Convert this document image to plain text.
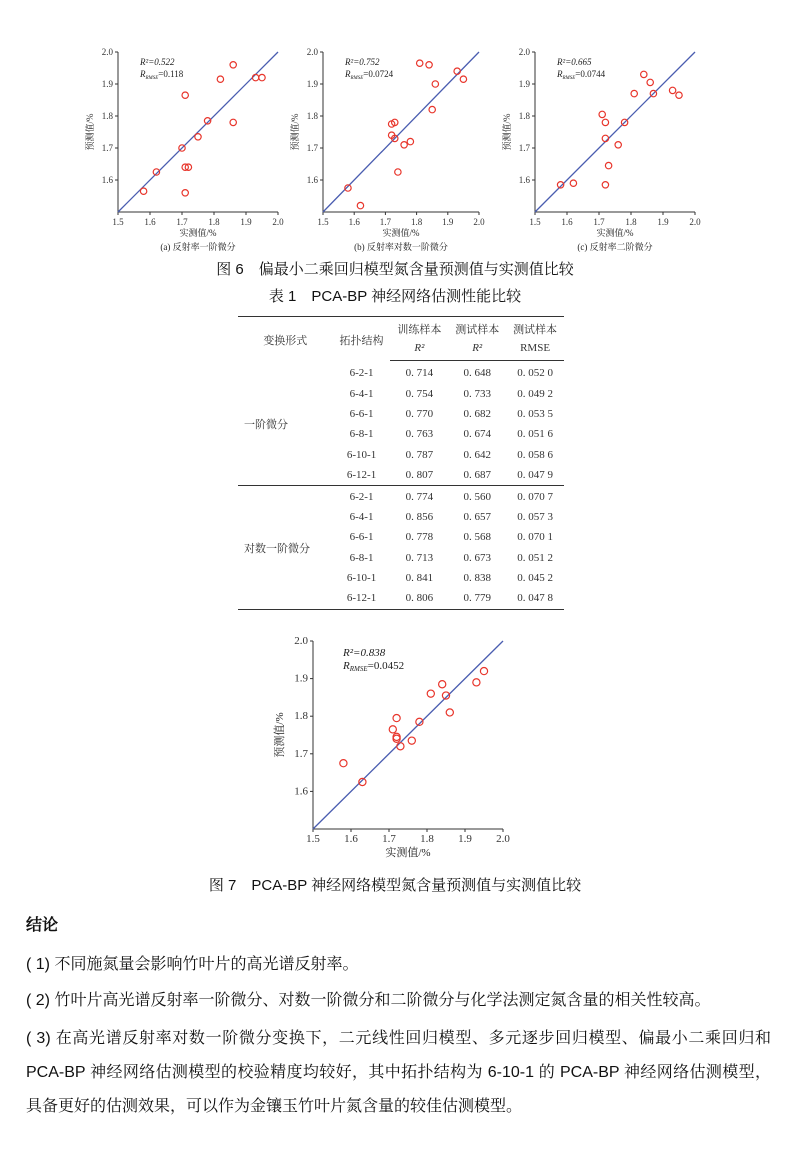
1.5 1.6 1.7 1.8 1.9 2.0
1.6
1.7
1.8
1.9
2.0
R²=0.522
$R_{RMSE}=0.118$
实测值/%
预测值/%
(a) 反射率一阶微分
1.5 1.6 1.7 1.8 1.9 2.0
1.6
1.7
1.8
1.9
2.0
R²=0.752
$R_{RMSE}=0.0724$
实测值/%
预测值/%
(b) 反射率对数一阶微分
1.5 1.6 1.7 1.8 1.9 2.0
1.6
1.7
1.8
1.9
2.0
R²=0.665
$R_{RMSE}=0.0744$
实测值/%
预测值/%
(c) 反射率二阶微分
图 6　偏最小二乘回归模型氮含量预测值与实测值比较
表 1　PCA-BP 神经网络估测性能比较
变换形式	拓扑结构	训练样本	测试样本	测试样本
		R²	R²	RMSE
一阶微分	6-2-1	0. 714	0. 648	0. 052 0
	6-4-1	0. 754	0. 733	0. 049 2
	6-6-1	0. 770	0. 682	0. 053 5
	6-8-1	0. 763	0. 674	0. 051 6
	6-10-1	0. 787	0. 642	0. 058 6
	6-12-1	0. 807	0. 687	0. 047 9
对数一阶微分	6-2-1	0. 774	0. 560	0. 070 7
	6-4-1	0. 856	0. 657	0. 057 3
	6-6-1	0. 778	0. 568	0. 070 1
	6-8-1	0. 713	0. 673	0. 051 2
	6-10-1	0. 841	0. 838	0. 045 2
	6-12-1	0. 806	0. 779	0. 047 8
1.5 1.6 1.7 1.8 1.9 2.0
1.6
1.7
1.8
1.9
2.0
R²=0.838
RRMSE=0.0452
实测值/%
预测值/%
图 7　PCA-BP 神经网络模型氮含量预测值与实测值比较
结论
( 1) 不同施氮量会影响竹叶片的高光谱反射率。
( 2) 竹叶片高光谱反射率一阶微分、对数一阶微分和二阶微分与化学法测定氮含量的相关性较高。
( 3) 在高光谱反射率对数一阶微分变换下，二元线性回归模型、多元逐步回归模型、偏最小二乘回归和 PCA-BP 神经网络估测模型的校验精度均较好，其中拓扑结构为 6-10-1 的 PCA-BP 神经网络估测模型，具备更好的估测效果，可以作为金镶玉竹叶片氮含量的较佳估测模型。
